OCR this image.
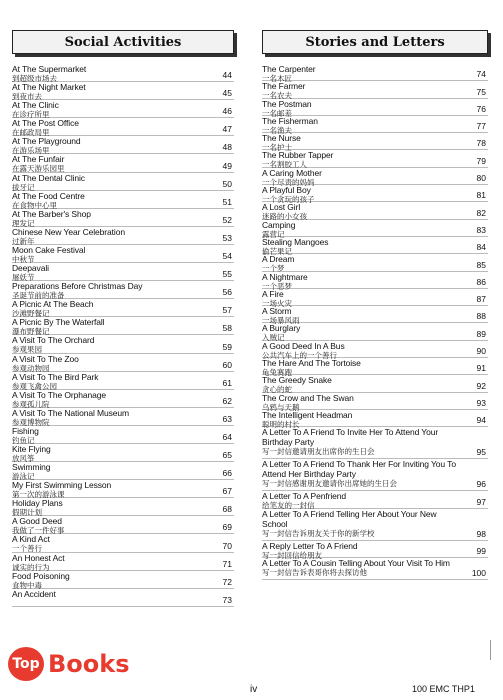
Social Activities
At The Supermarket
到超级市场去	44
At The Night Market
到夜市去	45
At The Clinic
在诊疗所里	46
At The Post Office
在邮政局里	47
At The Playground
在游乐场里	48
At The Funfair
在露天游乐园里	49
At The Dental Clinic
拔牙记	50
At The Food Centre
在食物中心里	51
At The Barber's Shop
理发记	52
Chinese New Year Celebration
过新年	53
Moon Cake Festival
中秋节	54
Deepavali
屠妖节	55
Preparations Before Christmas Day
圣诞节前的准备	56
A Picnic At The Beach
沙滩野餐记	57
A Picnic By The Waterfall
瀑布野餐记	58
A Visit To The Orchard
参观果园	59
A Visit To The Zoo
参观动物园	60
A Visit To The Bird Park
参观飞禽公园	61
A Visit To The Orphanage
参观孤儿院	62
A Visit To The National Museum
参观博物院	63
Fishing
钓鱼记	64
Kite Flying
放风筝	65
Swimming
游泳记	66
My First Swimming Lesson
第一次的游泳课	67
Holiday Plans
假期计划	68
A Good Deed
我做了一件好事	69
A Kind Act
一个善行	70
An Honest Act
诚实的行为	71
Food Poisoning
食物中毒	72
An Accident
73
Stories and Letters
The Carpenter
一名木匠	74
The Farmer
一名农夫	75
The Postman
一名邮差	76
The Fisherman
一名渔夫	77
The Nurse
一名护士	78
The Rubber Tapper
一名割胶工人	79
A Caring Mother
一个尽责的妈妈	80
A Playful Boy
一个贪玩的孩子	81
A Lost Girl
迷路的小女孩	82
Camping
露营记	83
Stealing Mangoes
偷芒果记	84
A Dream
一个梦	85
A Nightmare
一个恶梦	86
A Fire
一场火灾	87
A Storm
一场暴风雨	88
A Burglary
入贼记	89
A Good Deed In A Bus
公共汽车上的一个善行	90
The Hare And The Tortoise
龟兔赛跑	91
The Greedy Snake
贪心的蛇	92
The Crow and The Swan
乌鸦与天鹅	93
The Intelligent Headman
聪明的村长	94
A Letter To A Friend To Invite Her To Attend Your Birthday Party
写一封信邀请朋友出席你的生日会	95
A Letter To A Friend To Thank Her For Inviting You To Attend Her Birthday Party
写一封信感谢朋友邀请你出席她的生日会	96
A Letter To A Penfriend
给笔友的一封信	97
A Letter To A Friend Telling Her About Your New School
写一封信告诉朋友关于你的新学校	98
A Reply Letter To A Friend
写一封回信给朋友	99
A Letter To A Cousin Telling About Your Visit To Him
写一封信告诉表哥你将去探访他	100
Top Books
iv	100 EMC THP1
